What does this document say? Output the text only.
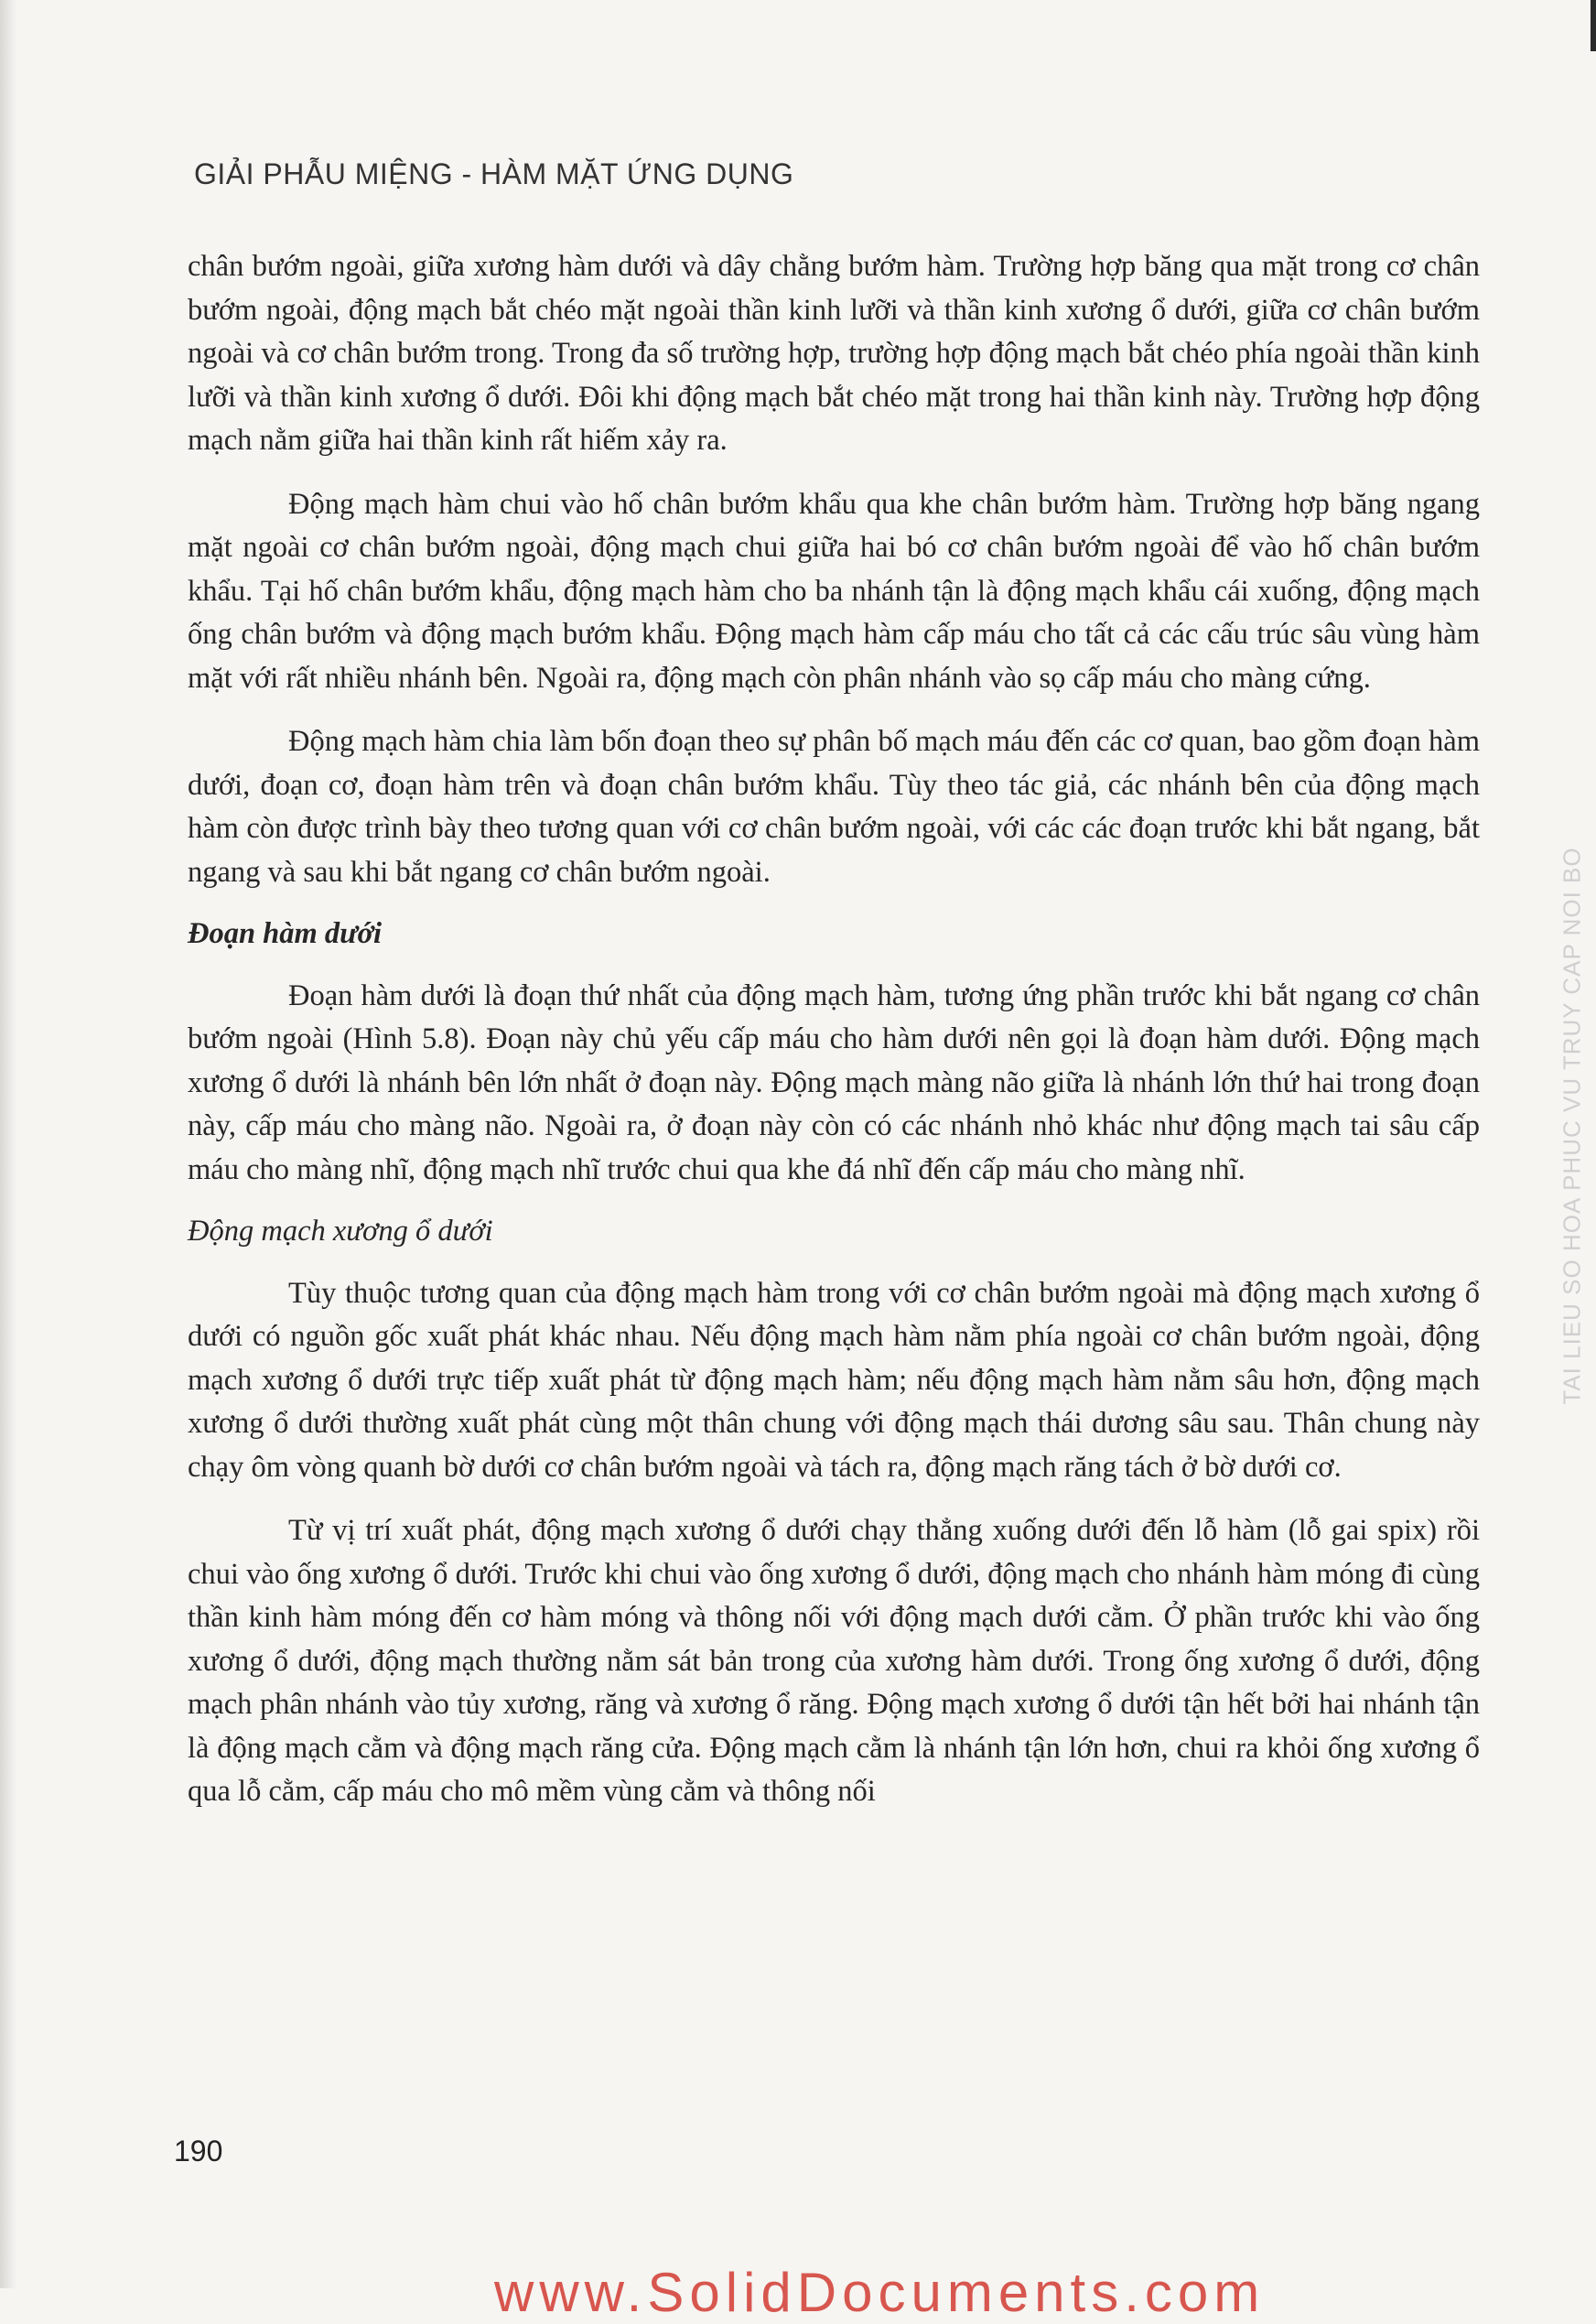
GIẢI PHẪU MIỆNG - HÀM MẶT ỨNG DỤNG

chân bướm ngoài, giữa xương hàm dưới và dây chằng bướm hàm. Trường hợp băng qua mặt trong cơ chân bướm ngoài, động mạch bắt chéo mặt ngoài thần kinh lưỡi và thần kinh xương ổ dưới, giữa cơ chân bướm ngoài và cơ chân bướm trong. Trong đa số trường hợp, trường hợp động mạch bắt chéo phía ngoài thần kinh lưỡi và thần kinh xương ổ dưới. Đôi khi động mạch bắt chéo mặt trong hai thần kinh này. Trường hợp động mạch nằm giữa hai thần kinh rất hiếm xảy ra.

Động mạch hàm chui vào hố chân bướm khẩu qua khe chân bướm hàm. Trường hợp băng ngang mặt ngoài cơ chân bướm ngoài, động mạch chui giữa hai bó cơ chân bướm ngoài để vào hố chân bướm khẩu. Tại hố chân bướm khẩu, động mạch hàm cho ba nhánh tận là động mạch khẩu cái xuống, động mạch ống chân bướm và động mạch bướm khẩu. Động mạch hàm cấp máu cho tất cả các cấu trúc sâu vùng hàm mặt với rất nhiều nhánh bên. Ngoài ra, động mạch còn phân nhánh vào sọ cấp máu cho màng cứng.

Động mạch hàm chia làm bốn đoạn theo sự phân bố mạch máu đến các cơ quan, bao gồm đoạn hàm dưới, đoạn cơ, đoạn hàm trên và đoạn chân bướm khẩu. Tùy theo tác giả, các nhánh bên của động mạch hàm còn được trình bày theo tương quan với cơ chân bướm ngoài, với các các đoạn trước khi bắt ngang, bắt ngang và sau khi bắt ngang cơ chân bướm ngoài.

Đoạn hàm dưới

Đoạn hàm dưới là đoạn thứ nhất của động mạch hàm, tương ứng phần trước khi bắt ngang cơ chân bướm ngoài (Hình 5.8). Đoạn này chủ yếu cấp máu cho hàm dưới nên gọi là đoạn hàm dưới. Động mạch xương ổ dưới là nhánh bên lớn nhất ở đoạn này. Động mạch màng não giữa là nhánh lớn thứ hai trong đoạn này, cấp máu cho màng não. Ngoài ra, ở đoạn này còn có các nhánh nhỏ khác như động mạch tai sâu cấp máu cho màng nhĩ, động mạch nhĩ trước chui qua khe đá nhĩ đến cấp máu cho màng nhĩ.

Động mạch xương ổ dưới

Tùy thuộc tương quan của động mạch hàm trong với cơ chân bướm ngoài mà động mạch xương ổ dưới có nguồn gốc xuất phát khác nhau. Nếu động mạch hàm nằm phía ngoài cơ chân bướm ngoài, động mạch xương ổ dưới trực tiếp xuất phát từ động mạch hàm; nếu động mạch hàm nằm sâu hơn, động mạch xương ổ dưới thường xuất phát cùng một thân chung với động mạch thái dương sâu sau. Thân chung này chạy ôm vòng quanh bờ dưới cơ chân bướm ngoài và tách ra, động mạch răng tách ở bờ dưới cơ.

Từ vị trí xuất phát, động mạch xương ổ dưới chạy thẳng xuống dưới đến lỗ hàm (lỗ gai spix) rồi chui vào ống xương ổ dưới. Trước khi chui vào ống xương ổ dưới, động mạch cho nhánh hàm móng đi cùng thần kinh hàm móng đến cơ hàm móng và thông nối với động mạch dưới cằm. Ở phần trước khi vào ống xương ổ dưới, động mạch thường nằm sát bản trong của xương hàm dưới. Trong ống xương ổ dưới, động mạch phân nhánh vào tủy xương, răng và xương ổ răng. Động mạch xương ổ dưới tận hết bởi hai nhánh tận là động mạch cằm và động mạch răng cửa. Động mạch cằm là nhánh tận lớn hơn, chui ra khỏi ống xương ổ qua lỗ cằm, cấp máu cho mô mềm vùng cằm và thông nối

190
TAI LIEU SO HOA PHUC VU TRUY CAP NOI BO
www.SolidDocuments.com
